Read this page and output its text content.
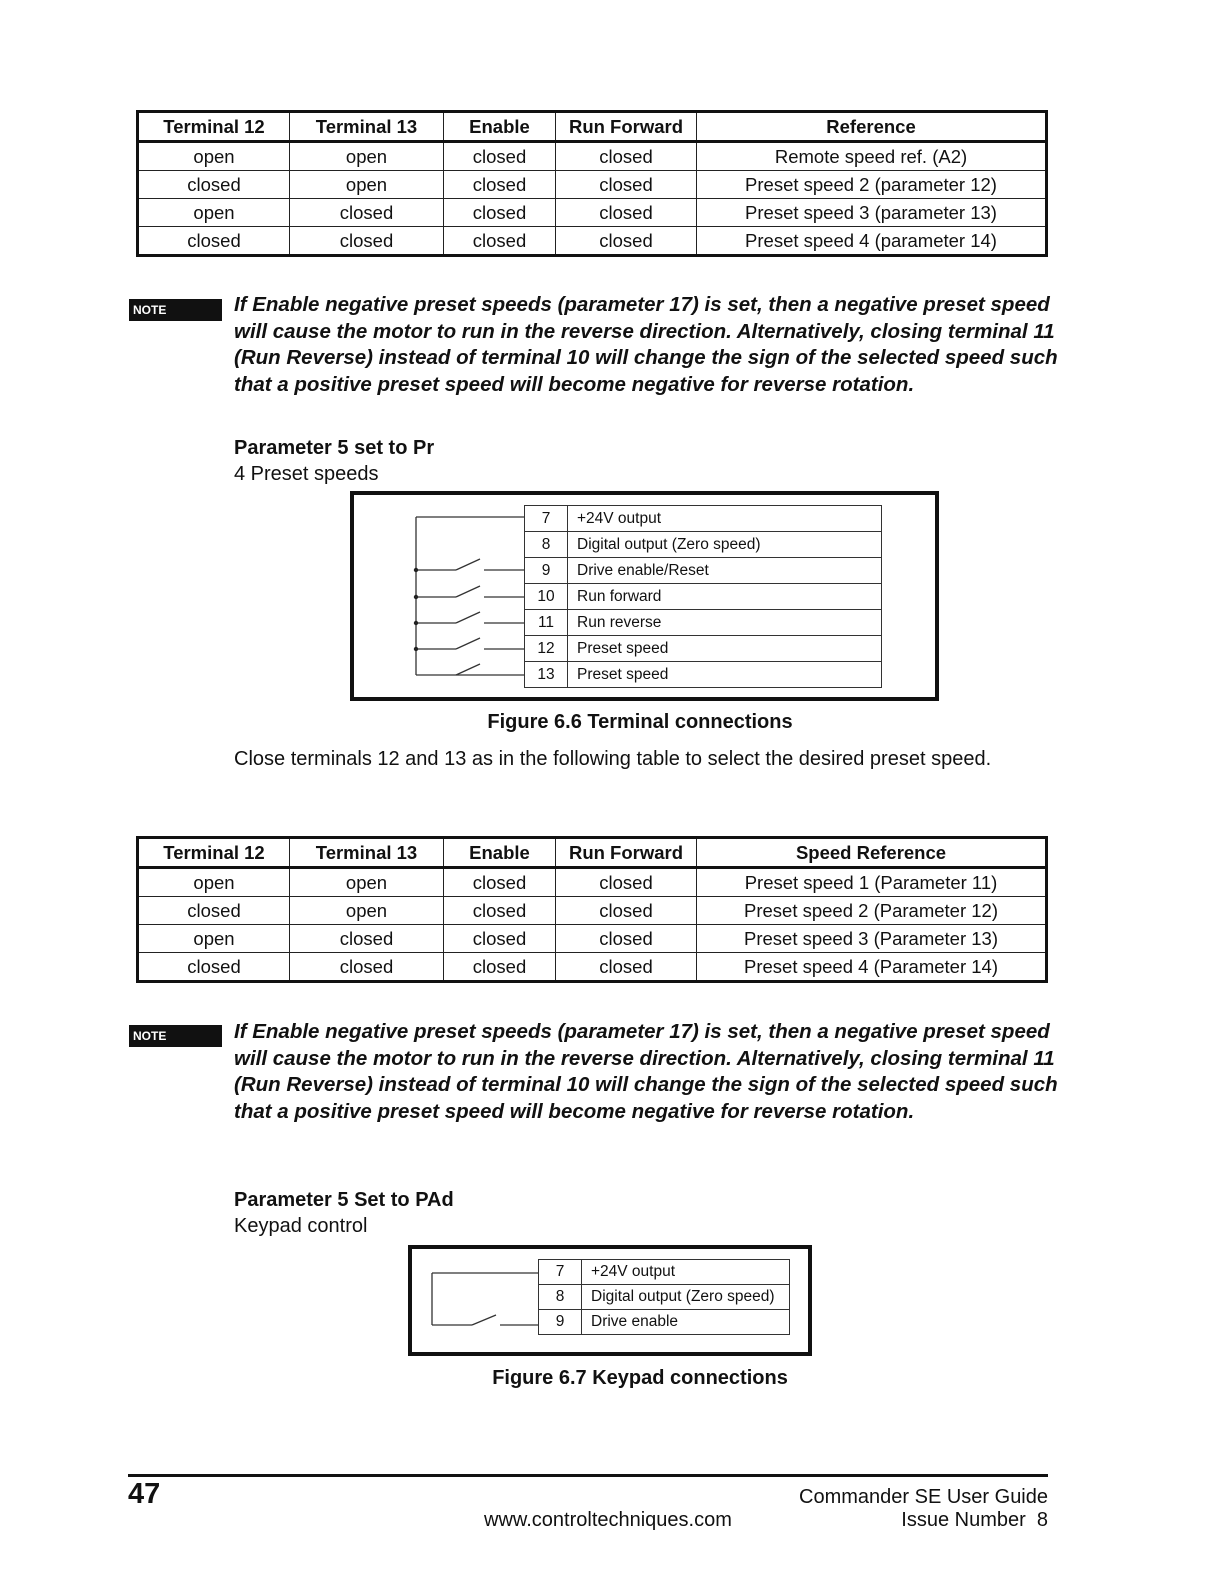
Terminal 12	Terminal 13	Enable	Run Forward	Reference
open	open	closed	closed	Remote speed ref. (A2)
closed	open	closed	closed	Preset speed 2 (parameter 12)
open	closed	closed	closed	Preset speed 3 (parameter 13)
closed	closed	closed	closed	Preset speed 4 (parameter 14)
NOTE	If Enable negative preset speeds (parameter 17) is set, then a negative preset speed will cause the motor to run in the reverse direction. Alternatively, closing terminal 11 (Run Reverse) instead of terminal 10 will change the sign of the selected speed such that a positive preset speed will become negative for reverse rotation.
Parameter 5 set to Pr
4 Preset speeds
7	+24V output
8	Digital output (Zero speed)
9	Drive enable/Reset
10	Run forward
11	Run reverse
12	Preset speed
13	Preset speed
Figure 6.6 Terminal connections
Close terminals 12 and 13 as in the following table to select the desired preset speed.
Terminal 12	Terminal 13	Enable	Run Forward	Speed Reference
open	open	closed	closed	Preset speed 1 (Parameter 11)
closed	open	closed	closed	Preset speed 2 (Parameter 12)
open	closed	closed	closed	Preset speed 3 (Parameter 13)
closed	closed	closed	closed	Preset speed 4 (Parameter 14)
NOTE	If Enable negative preset speeds (parameter 17) is set, then a negative preset speed will cause the motor to run in the reverse direction. Alternatively, closing terminal 11 (Run Reverse) instead of terminal 10 will change the sign of the selected speed such that a positive preset speed will become negative for reverse rotation.
Parameter 5 Set to PAd
Keypad control
7	+24V output
8	Digital output (Zero speed)
9	Drive enable
Figure 6.7 Keypad connections
47
www.controltechniques.com
Commander SE User Guide
Issue Number  8
